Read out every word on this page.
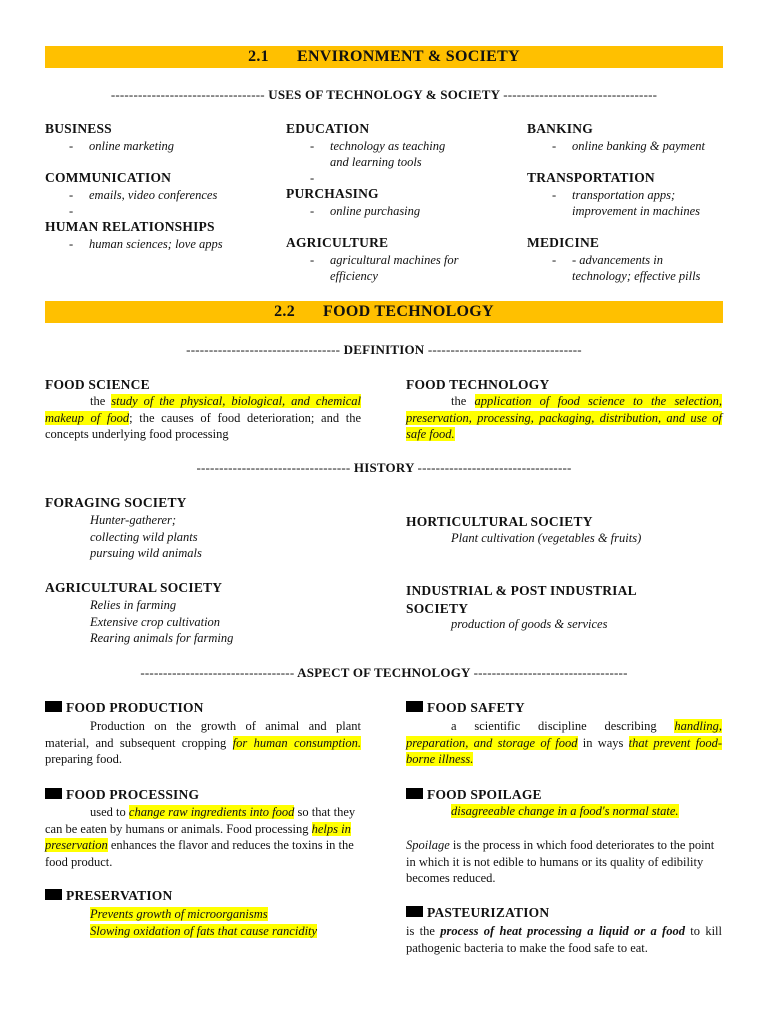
2.1 ENVIRONMENT & SOCIETY
---------------------------------- USES OF TECHNOLOGY & SOCIETY ----------------------------------
BUSINESS
- online marketing
COMMUNICATION
- emails, video conferences
-
HUMAN RELATIONSHIPS
- human sciences; love apps
EDUCATION
- technology as teaching
and learning tools
-
PURCHASING
- online purchasing
AGRICULTURE
- agricultural machines for
efficiency
BANKING
- online banking & payment
TRANSPORTATION
- transportation apps;
improvement in machines
MEDICINE
- - advancements in
technology; effective pills
2.2 FOOD TECHNOLOGY
---------------------------------- DEFINITION ----------------------------------
FOOD SCIENCE
the study of the physical, biological, and chemical makeup of food; the causes of food deterioration; and the concepts underlying food processing
FOOD TECHNOLOGY
the application of food science to the selection, preservation, processing, packaging, distribution, and use of safe food.
---------------------------------- HISTORY ----------------------------------
FORAGING SOCIETY
Hunter-gatherer;
collecting wild plants
pursuing wild animals
HORTICULTURAL SOCIETY
Plant cultivation (vegetables & fruits)
AGRICULTURAL SOCIETY
Relies in farming
Extensive crop cultivation
Rearing animals for farming
INDUSTRIAL & POST INDUSTRIAL
SOCIETY
production of goods & services
---------------------------------- ASPECT OF TECHNOLOGY ----------------------------------
FOOD PRODUCTION
Production on the growth of animal and plant material, and subsequent cropping for human consumption. preparing food.
FOOD PROCESSING
used to change raw ingredients into food so that they can be eaten by humans or animals. Food processing helps in preservation enhances the flavor and reduces the toxins in the food product.
PRESERVATION
Prevents growth of microorganisms
Slowing oxidation of fats that cause rancidity
FOOD SAFETY
a scientific discipline describing handling, preparation, and storage of food in ways that prevent food-borne illness.
FOOD SPOILAGE
disagreeable change in a food's normal state.
Spoilage is the process in which food deteriorates to the point in which it is not edible to humans or its quality of edibility becomes reduced.
PASTEURIZATION
is the process of heat processing a liquid or a food to kill pathogenic bacteria to make the food safe to eat.
